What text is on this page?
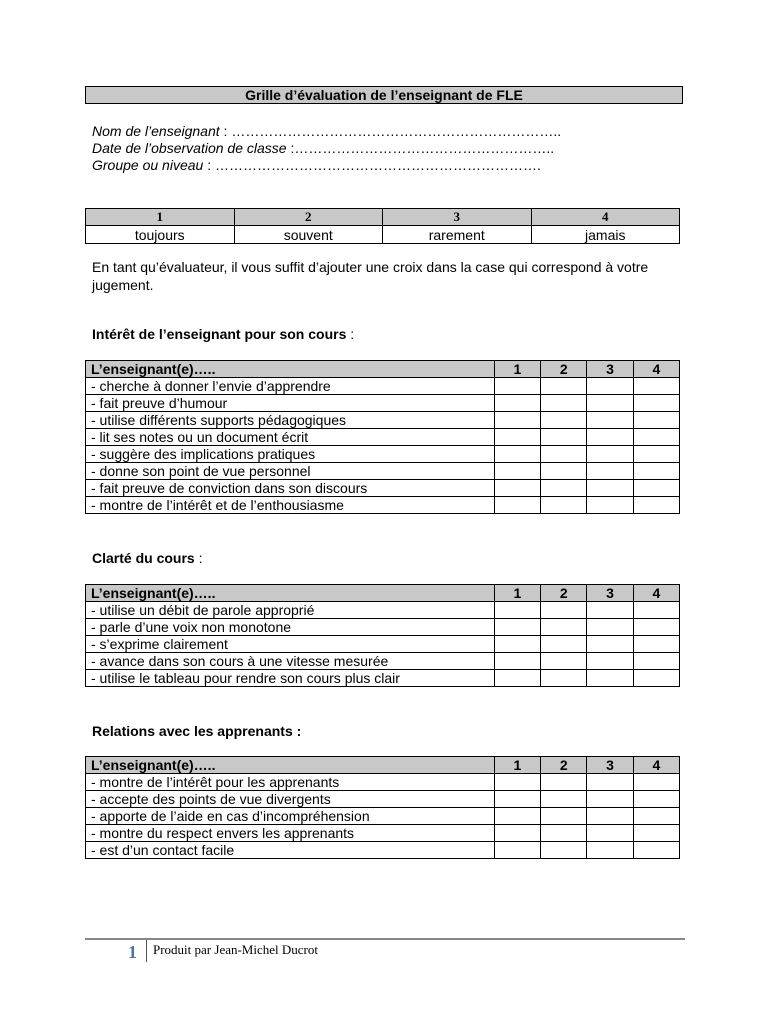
Grille d’évaluation de l’enseignant de FLE
Nom de l’enseignant : ……………………………………………………………..
Date de l’observation de classe :………………………………………………..
Groupe ou niveau : …………………………………………………………….
1	2	3	4
toujours	souvent	rarement	jamais
En tant qu’évaluateur, il vous suffit d’ajouter une croix dans la case qui correspond à votre jugement.
Intérêt de l’enseignant pour son cours :
L’enseignant(e)…..	1	2	3	4
- cherche à donner l’envie d’apprendre				
- fait preuve d’humour				
- utilise différents supports pédagogiques				
- lit ses notes ou un document écrit				
- suggère des implications pratiques				
- donne son point de vue personnel				
- fait preuve de conviction dans son discours				
- montre de l’intérêt et de l’enthousiasme				
Clarté du cours :
L’enseignant(e)…..	1	2	3	4
- utilise un débit de parole approprié				
- parle d’une voix non monotone				
- s’exprime clairement				
- avance dans son cours à une vitesse mesurée				
- utilise le tableau pour rendre son cours plus clair				
Relations avec les apprenants :
L’enseignant(e)…..	1	2	3	4
- montre de l’intérêt pour les apprenants				
- accepte des points de vue divergents				
- apporte de l’aide en cas d’incompréhension				
- montre du respect envers les apprenants				
- est d’un contact facile				
1 Produit par Jean-Michel Ducrot
